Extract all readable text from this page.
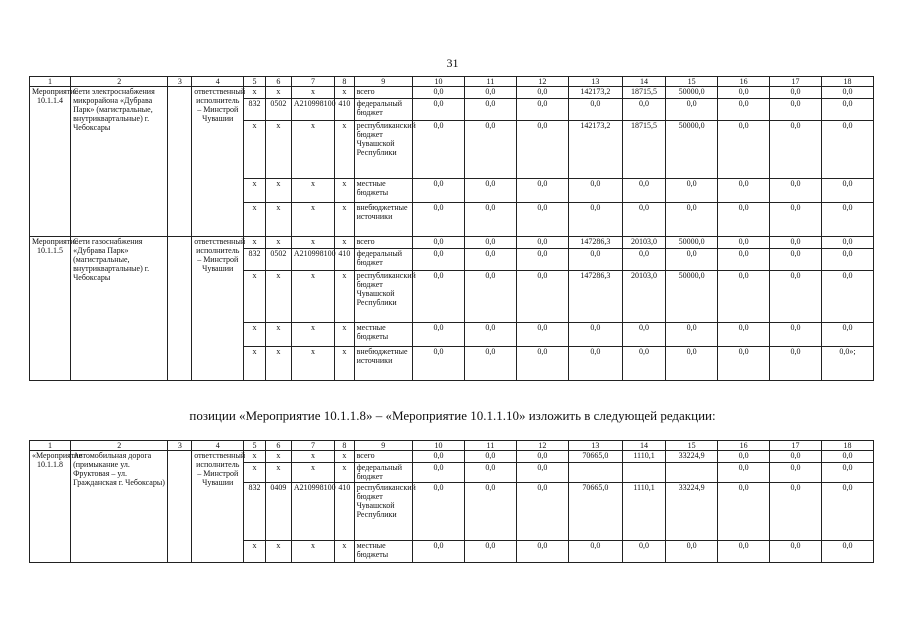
31
1	2	3	4	5	6	7	8	9	10	11	12	13	14	15	16	17	18
Мероприятие 10.1.1.4	Сети электроснабжения микрорайона «Дубрава Парк» (магистральные, внутриквартальные) г. Чебоксары		ответственный исполнитель – Минстрой Чувашии	x	x	x	x	всего	0,0	0,0	0,0	142173,2	18715,5	50000,0	0,0	0,0	0,0
				832	0502	A210998100	410	федеральный бюджет	0,0	0,0	0,0	0,0	0,0	0,0	0,0	0,0	0,0
				x	x	x	x	республиканский бюджет Чувашской Республики	0,0	0,0	0,0	142173,2	18715,5	50000,0	0,0	0,0	0,0
				x	x	x	x	местные бюджеты	0,0	0,0	0,0	0,0	0,0	0,0	0,0	0,0	0,0
				x	x	x	x	внебюджетные источники	0,0	0,0	0,0	0,0	0,0	0,0	0,0	0,0	0,0
Мероприятие 10.1.1.5	Сети газоснабжения «Дубрава Парк» (магистральные, внутриквартальные) г. Чебоксары		ответственный исполнитель – Минстрой Чувашии	x	x	x	x	всего	0,0	0,0	0,0	147286,3	20103,0	50000,0	0,0	0,0	0,0
				832	0502	A210998100	410	федеральный бюджет	0,0	0,0	0,0	0,0	0,0	0,0	0,0	0,0	0,0
				x	x	x	x	республиканский бюджет Чувашской Республики	0,0	0,0	0,0	147286,3	20103,0	50000,0	0,0	0,0	0,0
				x	x	x	x	местные бюджеты	0,0	0,0	0,0	0,0	0,0	0,0	0,0	0,0	0,0
				x	x	x	x	внебюджетные источники	0,0	0,0	0,0	0,0	0,0	0,0	0,0	0,0	0,0»;
позиции «Мероприятие 10.1.1.8» – «Мероприятие 10.1.1.10» изложить в следующей редакции:
1	2	3	4	5	6	7	8	9	10	11	12	13	14	15	16	17	18
«Мероприятие 10.1.1.8	Автомобильная дорога (примыкание ул. Фруктовая – ул. Гражданская г. Чебоксары)		ответственный исполнитель – Минстрой Чувашии	x	x	x	x	всего	0,0	0,0	0,0	70665,0	1110,1	33224,9	0,0	0,0	0,0
				x	x	x	x	федеральный бюджет	0,0	0,0	0,0				0,0	0,0	0,0
				832	0409	A210998100	410	республиканский бюджет Чувашской Республики	0,0	0,0	0,0	70665,0	1110,1	33224,9	0,0	0,0	0,0
				x	x	x	x	местные бюджеты	0,0	0,0	0,0	0,0	0,0	0,0	0,0	0,0	0,0
